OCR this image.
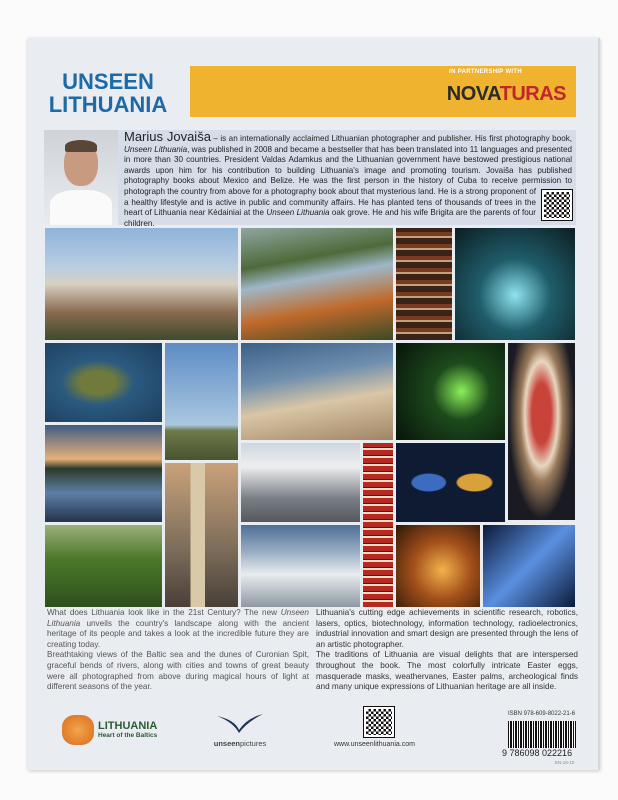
UNSEEN
LITHUANIA
IN PARTNERSHIP WITH
NOVATURAS
Marius Jovaiša – is an internationally acclaimed Lithuanian photographer and publisher. His first photography book, Unseen Lithuania, was published in 2008 and became a bestseller that has been translated into 11 languages and presented in more than 30 countries. President Valdas Adamkus and the Lithuanian government have bestowed prestigious national awards upon him for his contribution to building Lithuania's image and promoting tourism. Jovaiša has published photography books about Mexico and Belize. He was the first person in the history of Cuba to receive permission to photograph the country from above for a photography book about that mysterious land. He is a strong proponent of a healthy lifestyle and is active in public and community affairs. He has planted tens of thousands of trees in the heart of Lithuania near Kėdainiai at the Unseen Lithuania oak grove. He and his wife Brigita are the parents of four children.

What does Lithuania look like in the 21st Century? The new Unseen Lithuania unveils the country's landscape along with the ancient heritage of its people and takes a look at the incredible future they are creating today.

Breathtaking views of the Baltic sea and the dunes of Curonian Spit, graceful bends of rivers, along with cities and towns of great beauty were all photographed from above during magical hours of light at different seasons of the year.

Lithuania's cutting edge achievements in scientific research, robotics, lasers, optics, biotechnology, information technology, radioelectronics, industrial innovation and smart design are presented through the lens of an artistic photographer.

The traditions of Lithuania are visual delights that are interspersed throughout the book. The most colorfully intricate Easter eggs, masquerade masks, weathervanes, Easter palms, archeological finds and many unique expressions of Lithuanian heritage are all inside.

LITHUANIA
Heart of the Baltics
unseenpictures	www.unseenlithuania.com
ISBN 978-609-8022-21-6
9 786098 022216
EN-18-10
